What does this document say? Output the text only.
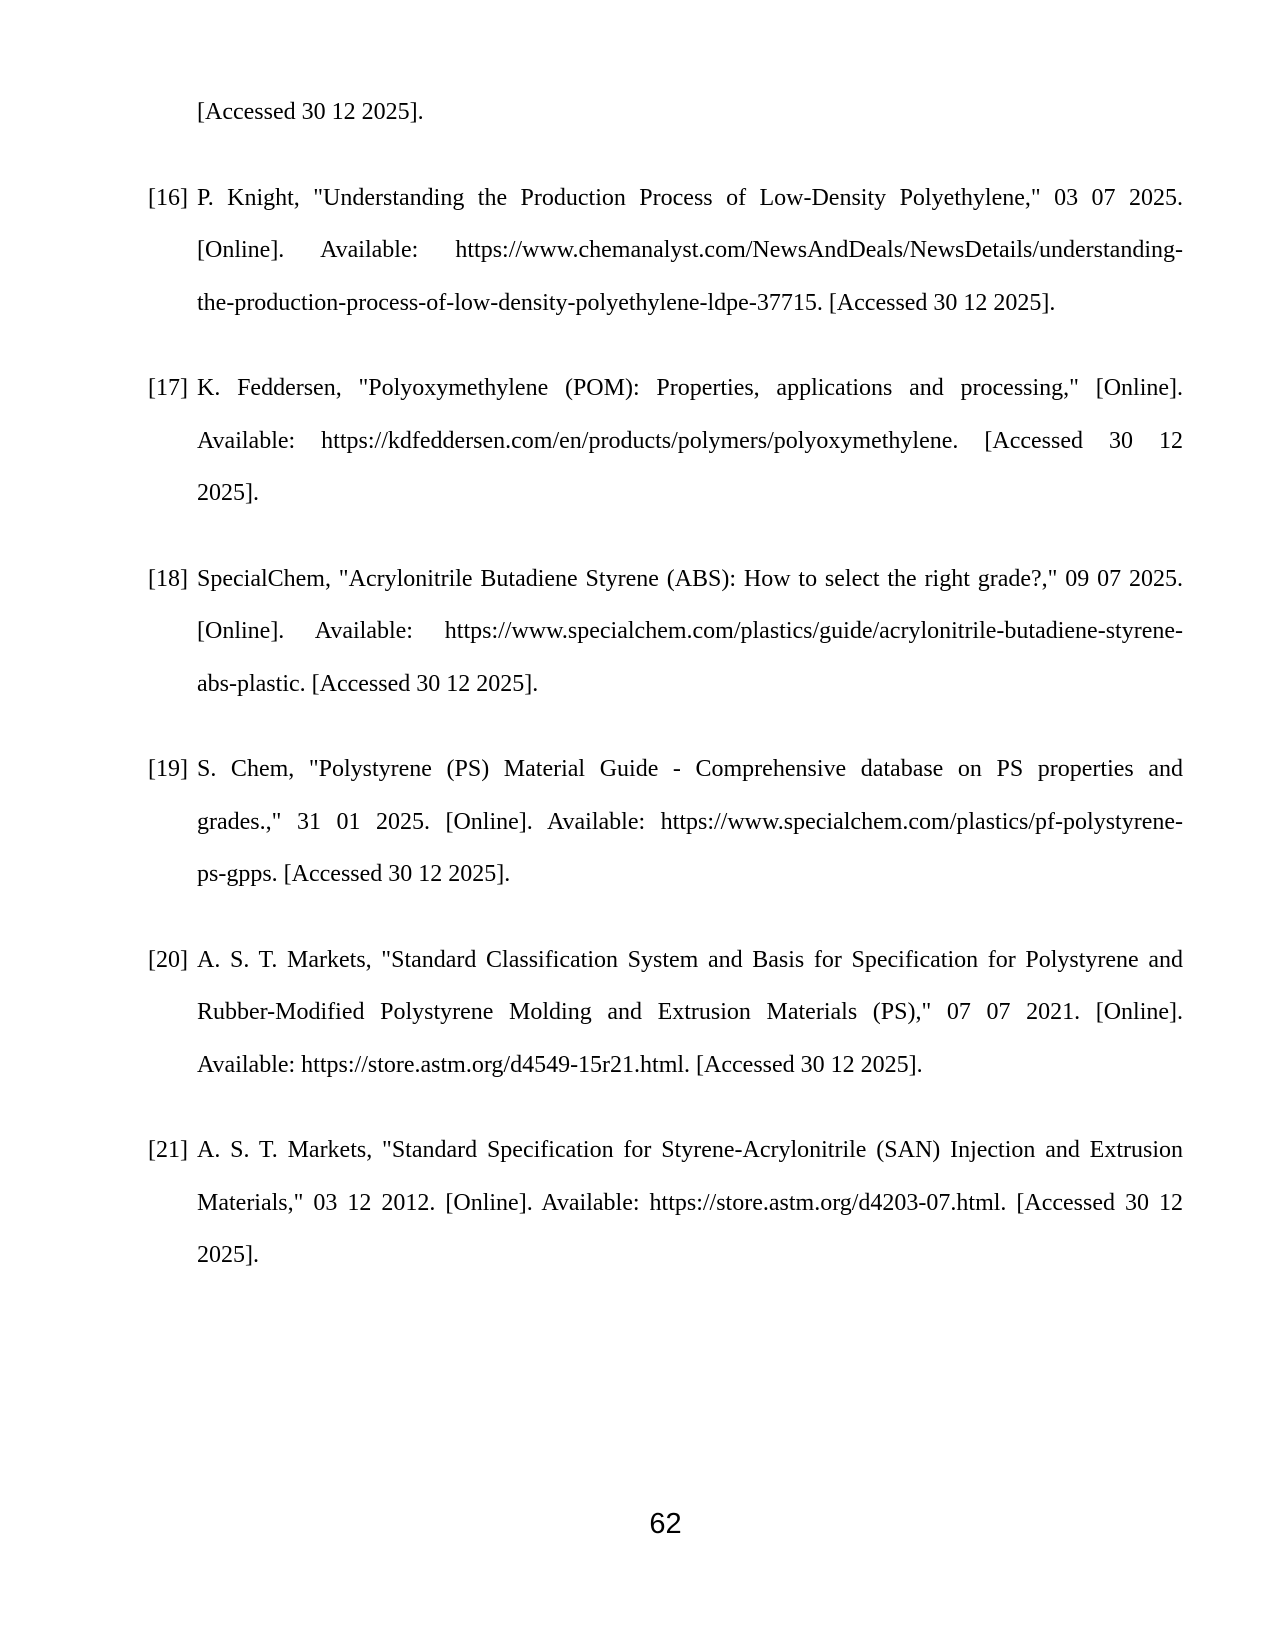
[Accessed 30 12 2025].
[16] P. Knight, "Understanding the Production Process of Low-Density Polyethylene," 03 07 2025.
[Online]. Available: https://www.chemanalyst.com/NewsAndDeals/NewsDetails/understanding-
the-production-process-of-low-density-polyethylene-ldpe-37715. [Accessed 30 12 2025].
[17] K. Feddersen, "Polyoxymethylene (POM): Properties, applications and processing," [Online].
Available: https://kdfeddersen.com/en/products/polymers/polyoxymethylene. [Accessed 30 12
2025].
[18] SpecialChem, "Acrylonitrile Butadiene Styrene (ABS): How to select the right grade?," 09 07 2025.
[Online]. Available: https://www.specialchem.com/plastics/guide/acrylonitrile-butadiene-styrene-
abs-plastic. [Accessed 30 12 2025].
[19] S. Chem, "Polystyrene (PS) Material Guide - Comprehensive database on PS properties and
grades.," 31 01 2025. [Online]. Available: https://www.specialchem.com/plastics/pf-polystyrene-
ps-gpps. [Accessed 30 12 2025].
[20] A. S. T. Markets, "Standard Classification System and Basis for Specification for Polystyrene and
Rubber-Modified Polystyrene Molding and Extrusion Materials (PS)," 07 07 2021. [Online].
Available: https://store.astm.org/d4549-15r21.html. [Accessed 30 12 2025].
[21] A. S. T. Markets, "Standard Specification for Styrene-Acrylonitrile (SAN) Injection and Extrusion
Materials," 03 12 2012. [Online]. Available: https://store.astm.org/d4203-07.html. [Accessed 30 12
2025].
62
